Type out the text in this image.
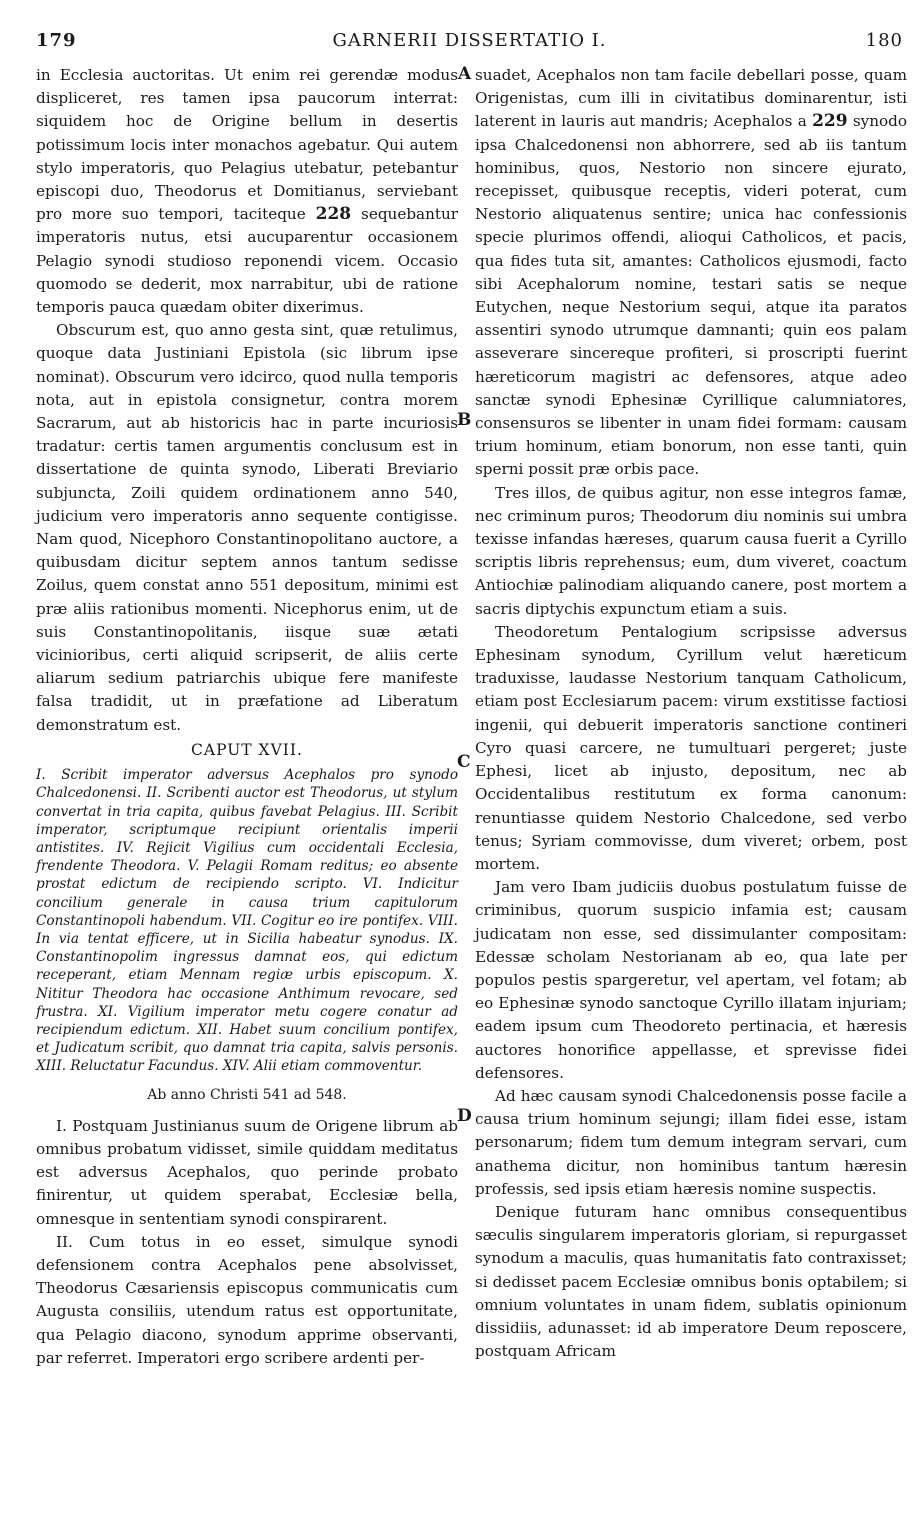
179	GARNERII DISSERTATIO I.	180

in Ecclesia auctoritas. Ut enim rei gerendæ modus displiceret, res tamen ipsa paucorum interrat: siquidem hoc de Origine bellum in desertis potissimum locis inter monachos agebatur. Qui autem stylo imperatoris, quo Pelagius utebatur, petebantur episcopi duo, Theodorus et Domitianus, serviebant pro more suo tempori, taciteque 228 sequebantur imperatoris nutus, etsi aucuparentur occasionem Pelagio synodi studioso reponendi vicem. Occasio quomodo se dederit, mox narrabitur, ubi de ratione temporis pauca quædam obiter dixerimus.

Obscurum est, quo anno gesta sint, quæ retulimus, quoque data Justiniani Epistola (sic librum ipse nominat). Obscurum vero idcirco, quod nulla temporis nota, aut in epistola consignetur, contra morem Sacrarum, aut ab historicis hac in parte incuriosis tradatur: certis tamen argumentis conclusum est in dissertatione de quinta synodo, Liberati Breviario subjuncta, Zoili quidem ordinationem anno 540, judicium vero imperatoris anno sequente contigisse. Nam quod, Nicephoro Constantinopolitano auctore, a quibusdam dicitur septem annos tantum sedisse Zoilus, quem constat anno 551 depositum, minimi est præ aliis rationibus momenti. Nicephorus enim, ut de suis Constantinopolitanis, iisque suæ ætati vicinioribus, certi aliquid scripserit, de aliis certe aliarum sedium patriarchis ubique fere manifeste falsa tradidit, ut in præfatione ad Liberatum demonstratum est.

CAPUT XVII.
I. Scribit imperator adversus Acephalos pro synodo Chalcedonensi. II. Scribenti auctor est Theodorus, ut stylum convertat in tria capita, quibus favebat Pelagius. III. Scribit imperator, scriptumque recipiunt orientalis imperii antistites. IV. Rejicit Vigilius cum occidentali Ecclesia, frendente Theodora. V. Pelagii Romam reditus; eo absente prostat edictum de recipiendo scripto. VI. Indicitur concilium generale in causa trium capitulorum Constantinopoli habendum. VII. Cogitur eo ire pontifex. VIII. In via tentat efficere, ut in Sicilia habeatur synodus. IX. Constantinopolim ingressus damnat eos, qui edictum receperant, etiam Mennam regiæ urbis episcopum. X. Nititur Theodora hac occasione Anthimum revocare, sed frustra. XI. Vigilium imperator metu cogere conatur ad recipiendum edictum. XII. Habet suum concilium pontifex, et Judicatum scribit, quo damnat tria capita, salvis personis. XIII. Reluctatur Facundus. XIV. Alii etiam commoventur.
Ab anno Christi 541 ad 548.

I. Postquam Justinianus suum de Origene librum ab omnibus probatum vidisset, simile quiddam meditatus est adversus Acephalos, quo perinde probato finirentur, ut quidem sperabat, Ecclesiæ bella, omnesque in sententiam synodi conspirarent.

II. Cum totus in eo esset, simulque synodi defensionem contra Acephalos pene absolvisset, Theodorus Cæsariensis episcopus communicatis cum Augusta consiliis, utendum ratus est opportunitate, qua Pelagio diacono, synodum apprime observanti, par referret. Imperatori ergo scribere ardenti per-

suadet, Acephalos non tam facile debellari posse, quam Origenistas, cum illi in civitatibus dominarentur, isti laterent in lauris aut mandris; Acephalos a 229 synodo ipsa Chalcedonensi non abhorrere, sed ab iis tantum hominibus, quos, Nestorio non sincere ejurato, recepisset, quibusque receptis, videri poterat, cum Nestorio aliquatenus sentire; unica hac confessionis specie plurimos offendi, alioqui Catholicos, et pacis, qua fides tuta sit, amantes: Catholicos ejusmodi, facto sibi Acephalorum nomine, testari satis se neque Eutychen, neque Nestorium sequi, atque ita paratos assentiri synodo utrumque damnanti; quin eos palam asseverare sincereque profiteri, si proscripti fuerint hæreticorum magistri ac defensores, atque adeo sanctæ synodi Ephesinæ Cyrillique calumniatores, consensuros se libenter in unam fidei formam: causam trium hominum, etiam bonorum, non esse tanti, quin sperni possit præ orbis pace.

Tres illos, de quibus agitur, non esse integros famæ, nec criminum puros; Theodorum diu nominis sui umbra texisse infandas hæreses, quarum causa fuerit a Cyrillo scriptis libris reprehensus; eum, dum viveret, coactum Antiochiæ palinodiam aliquando canere, post mortem a sacris diptychis expunctum etiam a suis.

Theodoretum Pentalogium scripsisse adversus Ephesinam synodum, Cyrillum velut hæreticum traduxisse, laudasse Nestorium tanquam Catholicum, etiam post Ecclesiarum pacem: virum exstitisse factiosi ingenii, qui debuerit imperatoris sanctione contineri Cyro quasi carcere, ne tumultuari pergeret; juste Ephesi, licet ab injusto, depositum, nec ab Occidentalibus restitutum ex forma canonum: renuntiasse quidem Nestorio Chalcedone, sed verbo tenus; Syriam commovisse, dum viveret; orbem, post mortem.

Jam vero Ibam judiciis duobus postulatum fuisse de criminibus, quorum suspicio infamia est; causam judicatam non esse, sed dissimulanter compositam: Edessæ scholam Nestorianam ab eo, qua late per populos pestis spargeretur, vel apertam, vel fotam; ab eo Ephesinæ synodo sanctoque Cyrillo illatam injuriam; eadem ipsum cum Theodoreto pertinacia, et hæresis auctores honorifice appellasse, et sprevisse fidei defensores.

Ad hæc causam synodi Chalcedonensis posse facile a causa trium hominum sejungi; illam fidei esse, istam personarum; fidem tum demum integram servari, cum anathema dicitur, non hominibus tantum hæresin professis, sed ipsis etiam hæresis nomine suspectis.

Denique futuram hanc omnibus consequentibus sæculis singularem imperatoris gloriam, si repurgasset synodum a maculis, quas humanitatis fato contraxisset; si dedisset pacem Ecclesiæ omnibus bonis optabilem; si omnium voluntates in unam fidem, sublatis opinionum dissidiis, adunasset: id ab imperatore Deum reposcere, postquam Africam

A
B
C
D
